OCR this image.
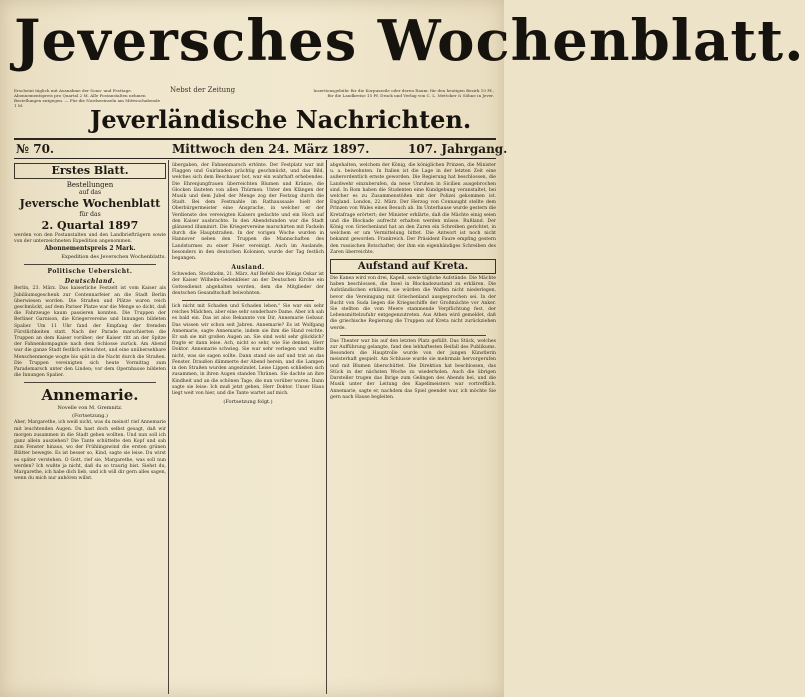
Jeversches Wochenblatt.
Erscheint täglich mit Ausnahme der Sonn- und Festtage. Abonnementspreis pro Quartal 2 M. Alle Postanstalten nehmen Bestellungen entgegen. — Für die Nordseeinseln am Mittwochabende 1 M.
Nebst der Zeitung	Insertionsgebühr für die Korpuszeile oder deren Raum: für den heutigen Bezirk 10 Pf., für die Landkreise 15 Pf. Druck und Verlag von C. L. Mettcker & Söhne in Jever.
Jeverländische Nachrichten.
№ 70.	Mittwoch den 24. März 1897.	107. Jahrgang.
Erstes Blatt.
Bestellungen
auf das
Jeversche Wochenblatt
für das
2. Quartal 1897

werden von den Postanstalten und den Landbriefträgern sowie von der unterzeichneten Expedition angenommen.

Abonnementspreis 2 Mark.
Expedition des Jeverschen Wochenblatts.
Politische Uebersicht.
Deutschland.

Berlin, 23. März. Das kaiserliche Festzelt ist vom Kaiser als Jubiläumsgeschenk zur Centennarfeier an die Stadt Berlin überwiesen worden. Die Straßen und Plätze waren reich geschmückt, auf dem Pariser Platze war die Menge so dicht, daß die Fahrzeuge kaum passieren konnten. Die Truppen der Berliner Garnison, die Kriegervereine und Innungen bildeten Spalier. Um 11 Uhr fand der Empfang der fremden Fürstlichkeiten statt. Nach der Parade marschierten die Truppen an dem Kaiser vorüber; der Kaiser ritt an der Spitze der Fahnenkompagnie nach dem Schlosse zurück. Am Abend war die ganze Stadt festlich erleuchtet, und eine unübersehbare Menschenmenge wogte bis spät in die Nacht durch die Straßen. Die Truppen vereinigten sich heute Vormittag zum Parademarsch unter den Linden; vor dem Opernhause bildeten die Innungen Spalier.

Annemarie.
Novelle von M. Gremnitz.
(Fortsetzung.)

Aber, Margarethe, ich weiß nicht, was du meinst! rief Annemarie mit leuchtenden Augen. Du hast doch selbst gesagt, daß wir morgen zusammen in die Stadt gehen wollten. Und nun soll ich ganz allein ausziehen? Die Tante schüttelte den Kopf und sah zum Fenster hinaus, wo der Frühlingswind die ersten grünen Blätter bewegte. Es ist besser so, Kind, sagte sie leise. Du wirst es später verstehen. O Gott, rief sie, Margarethe, was soll nun werden? Ich wußte ja nicht, daß du so traurig bist. Siehst du, Margarethe, ich habe dich lieb, und ich will dir gern alles sagen, wenn du mich nur anhören willst.

übergaben, der Fahnenmarsch ertönte. Der Festplatz war mit Flaggen und Guirlanden prächtig geschmückt, und das Bild, welches sich dem Beschauer bot, war ein wahrhaft erhebendes. Die Ehrenjungfrauen überreichten Blumen und Kränze, die Glocken läuteten von allen Thürmen. Unter den Klängen der Musik und dem Jubel der Menge zog der Festzug durch die Stadt. Bei dem Festmahle im Rathaussaale hielt der Oberbürgermeister eine Ansprache, in welcher er der Verdienste des verewigten Kaisers gedachte und ein Hoch auf den Kaiser ausbrachte. In den Abendstunden war die Stadt glänzend illuminirt. Die Kriegervereine marschirten mit Fackeln durch die Hauptstraßen. In der vorigen Woche wurden in Hannover neben den Truppen die Mannschaften des Landsturmes zu einer Feier vereinigt. Auch im Auslande, besonders in den deutschen Kolonien, wurde der Tag festlich begangen.

Ausland.

Schweden. Stockholm, 21. März. Auf Befehl des Königs Oskar ist der Kaiser Wilhelm-Gedenkfeier an der Deutschen Kirche ein Gottesdienst abgehalten worden, dem die Mitglieder der deutschen Gesandtschaft beiwohnten.

lich nicht mit Schaden und Schaden leben." Sie war ein sehr reiches Mädchen, aber eine sehr sonderbare Dame. Aber ich sah es bald ein. Das ist also Bekannte von Dir, Annemarie Gebaur. Das wissen wir schon seit Jahren. Annemarie? Es ist Wolfgang Annemarie, sagte Annemarie, indem sie ihm die Hand reichte. Er sah sie mit großen Augen an. Sie sind wohl sehr glücklich? fragte er dann leise. Ach, nicht so sehr, wie Sie denken, Herr Doktor. Annemarie schwieg. Sie war sehr verlegen und wußte nicht, was sie sagen sollte. Dann stand sie auf und trat an das Fenster. Draußen dämmerte der Abend herein, und die Lampen in den Straßen wurden angezündet. Leise Lippen schließen sich zusammen, in ihren Augen standen Thränen. Sie dachte an ihre Kindheit und an die schönen Tage, die nun vorüber waren. Dann sagte sie leise: Ich muß jetzt gehen, Herr Doktor. Unser Haus liegt weit von hier, und die Tante wartet auf mich.

(Fortsetzung folgt.)

abgehalten, welchem der König, die königlichen Prinzen, die Minister u. a. beiwohnten. In Italien ist die Lage in der letzten Zeit eine außerordentlich ernste geworden. Die Regierung hat beschlossen, die Landwehr einzuberufen, da neue Unruhen in Sicilien ausgebrochen sind. In Rom haben die Studenten eine Kundgebung veranstaltet, bei welcher es zu Zusammenstößen mit der Polizei gekommen ist. England. London, 22. März. Der Herzog von Connaught stellte dem Prinzen von Wales einen Besuch ab. Im Unterhause wurde gestern die Kretafrage erörtert; der Minister erklärte, daß die Mächte einig seien und die Blockade aufrecht erhalten werden müsse. Rußland. Der König von Griechenland hat an den Zaren ein Schreiben gerichtet, in welchem er um Vermittelung bittet. Die Antwort ist noch nicht bekannt geworden. Frankreich. Der Präsident Faure empfing gestern den russischen Botschafter, der ihm ein eigenhändiges Schreiben des Zaren überreichte.

Aufstand auf Kreta.

Die Kanea wird von drei, Kapell, sowie tägliche Aufstände. Die Mächte haben beschlossen, die Insel in Blockadezustand zu erklären. Die Aufständischen erklären, sie würden die Waffen nicht niederlegen, bevor die Vereinigung mit Griechenland ausgesprochen sei. In der Bucht von Suda liegen die Kriegsschiffe der Großmächte vor Anker. Sie stellten die vom Meere stammende Verpflichtung fest, der Lebensmittelzufuhr entgegenzutreten. Aus Athen wird gemeldet, daß die griechische Regierung die Truppen auf Kreta nicht zurückziehen werde.

Das Theater war bis auf den letzten Platz gefüllt. Das Stück, welches zur Aufführung gelangte, fand den lebhaftesten Beifall des Publikums. Besonders die Hauptrolle wurde von der jungen Künstlerin meisterhaft gespielt. Am Schlusse wurde sie mehrmals hervorgerufen und mit Blumen überschüttet. Die Direktion hat beschlossen, das Stück in der nächsten Woche zu wiederholen. Auch die übrigen Darsteller trugen das Ihrige zum Gelingen des Abends bei, und die Musik unter der Leitung des Kapellmeisters war vortrefflich. Annemarie, sagte er, nachdem das Spiel geendet war, ich möchte Sie gern nach Hause begleiten.
